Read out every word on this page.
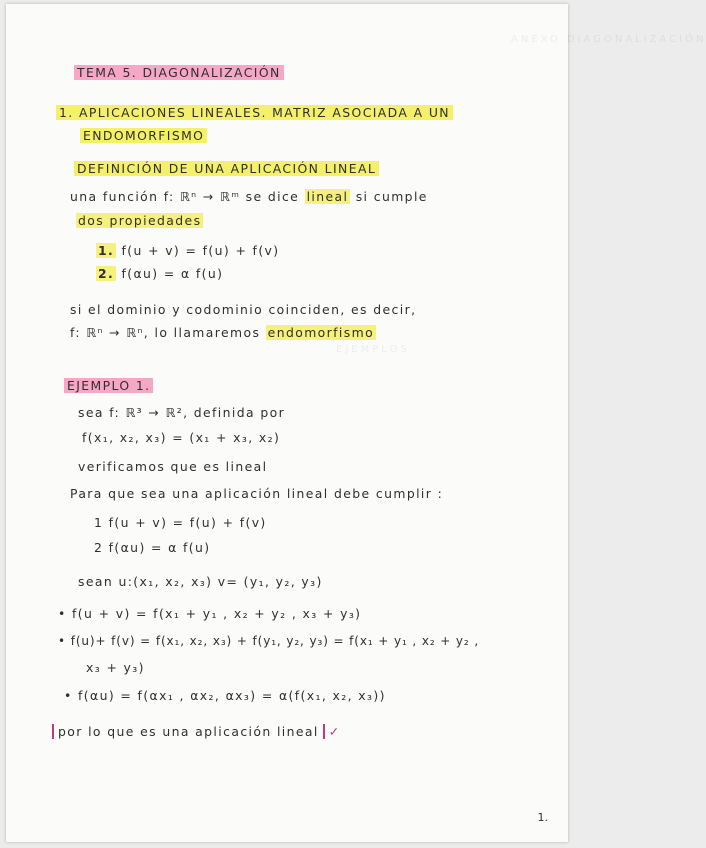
ANEXO DIAGONALIZACIÓN
EJEMPLOS
TEMA 5. DIAGONALIZACIÓN
1. APLICACIONES LINEALES. MATRIZ ASOCIADA A UN
ENDOMORFISMO
DEFINICIÓN DE UNA APLICACIÓN LINEAL
una función f: ℝⁿ → ℝᵐ se dice lineal si cumple
dos propiedades
1. f(u + v) = f(u) + f(v)
2. f(αu) = α f(u)
si el dominio y codominio coinciden, es decir,
f: ℝⁿ → ℝⁿ, lo llamaremos endomorfismo
EJEMPLO 1.
sea f: ℝ³ → ℝ², definida por
f(x₁, x₂, x₃) = (x₁ + x₃, x₂)
verificamos que es lineal
Para que sea una aplicación lineal debe cumplir :
1 f(u + v) = f(u) + f(v)
2 f(αu) = α f(u)
sean u:(x₁, x₂, x₃) v= (y₁, y₂, y₃)
• f(u + v) = f(x₁ + y₁ , x₂ + y₂ , x₃ + y₃)
• f(u)+ f(v) = f(x₁, x₂, x₃) + f(y₁, y₂, y₃) = f(x₁ + y₁ , x₂ + y₂ ,
x₃ + y₃)
• f(αu) = f(αx₁ , αx₂, αx₃) = α(f(x₁, x₂, x₃))
por lo que es una aplicación lineal ✓
1.
